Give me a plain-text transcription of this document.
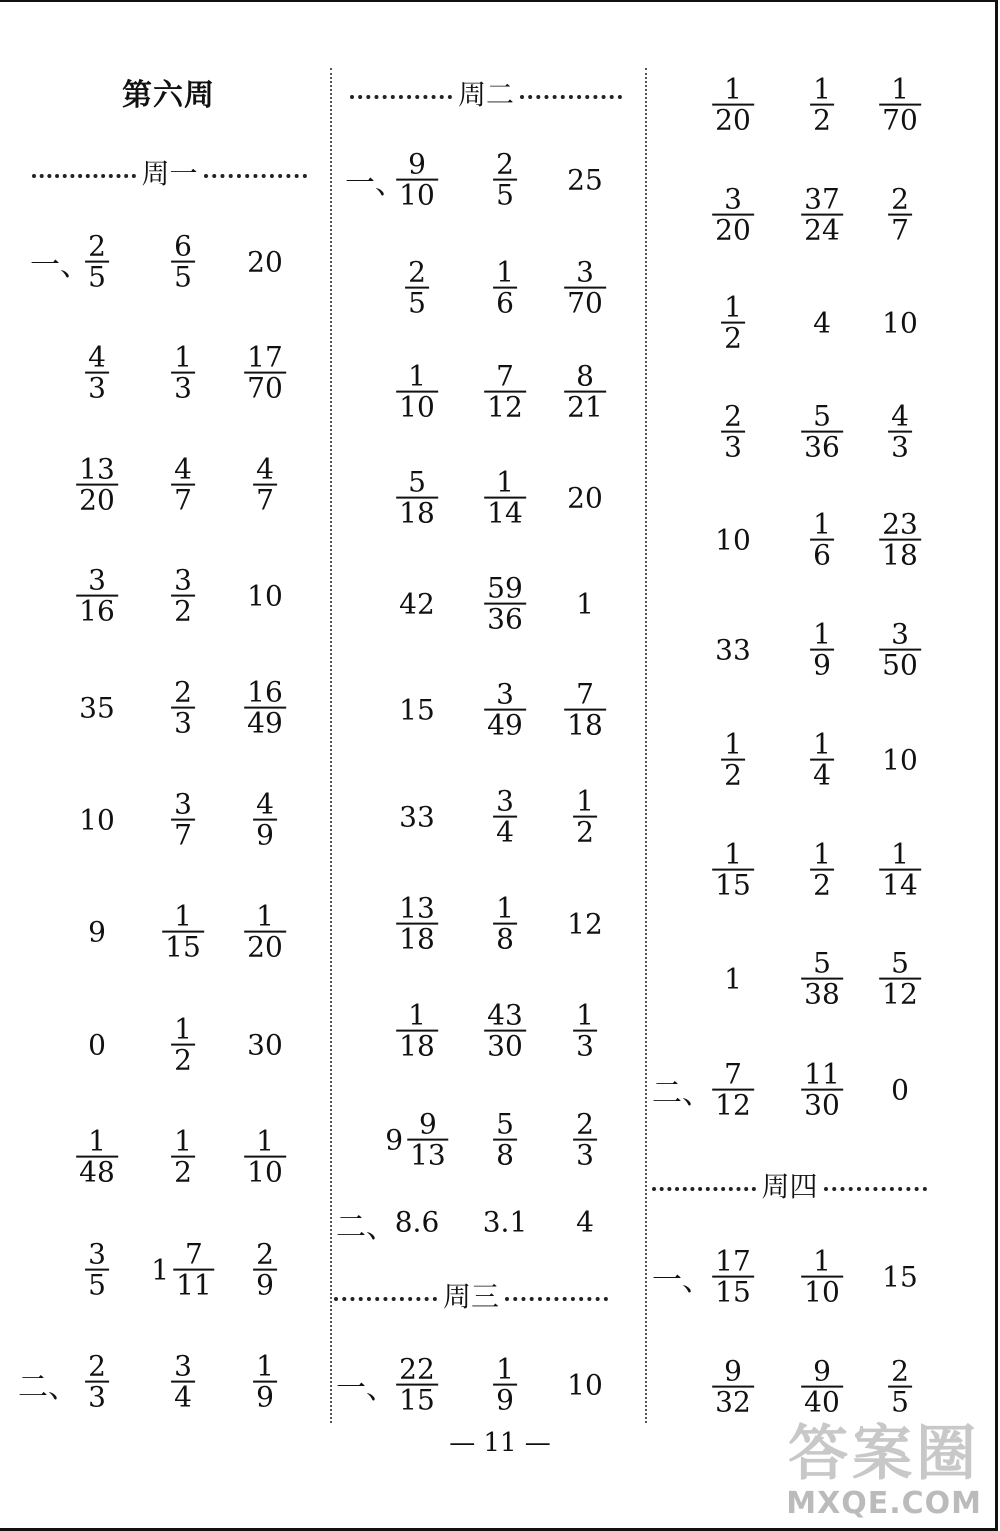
第六周
周一
一、
二、
$\frac{2}{5} \frac{6}{5} 20$
$\frac{4}{3} \frac{1}{3} \frac{17}{70}$
$\frac{13}{20} \frac{4}{7} \frac{4}{7}$
$\frac{3}{16} \frac{3}{2} 10$
$35 \frac{2}{3} \frac{16}{49}$
$10 \frac{3}{7} \frac{4}{9}$
$9 \frac{1}{15} \frac{1}{20}$
$0 \frac{1}{2} 30$
$\frac{1}{48} \frac{1}{2} \frac{1}{10}$
$\frac{3}{5} 1 \frac{7}{11} \frac{2}{9}$
$\frac{2}{3} \frac{3}{4} \frac{1}{9}$
周二
一、
二、
周三
一、
$\frac{9}{10} \frac{2}{5} 25$
$\frac{2}{5} \frac{1}{6} \frac{3}{70}$
$\frac{1}{10} \frac{7}{12} \frac{8}{21}$
$\frac{5}{18} \frac{1}{14} 20$
$42 \frac{59}{36} 1$
$15 \frac{3}{49} \frac{7}{18}$
$33 \frac{3}{4} \frac{1}{2}$
$\frac{13}{18} \frac{1}{8} 12$
$\frac{1}{18} \frac{43}{30} \frac{1}{3}$
$9 \frac{9}{13} \frac{5}{8} \frac{2}{3}$
8.6 3.1 4
$\frac{22}{15} \frac{1}{9} 10$
二、
周四
一、
$\frac{1}{20} \frac{1}{2} \frac{1}{70}$
$\frac{3}{20} \frac{37}{24} \frac{2}{7}$
$\frac{1}{2} 4$ 10
$\frac{2}{3} \frac{5}{36} \frac{4}{3}$
$10 \frac{1}{6} \frac{23}{18}$
$33 \frac{1}{9} \frac{3}{50}$
$\frac{1}{2} \frac{1}{4} 10$
$\frac{1}{15} \frac{1}{2} \frac{1}{14}$
$1 \frac{5}{38} \frac{5}{12}$
$\frac{7}{12} \frac{11}{30} 0$
$\frac{17}{15} \frac{1}{10} 15$
$\frac{9}{32} \frac{9}{40} \frac{2}{5}$
— 11 —	答案圈
MXQE.COM
